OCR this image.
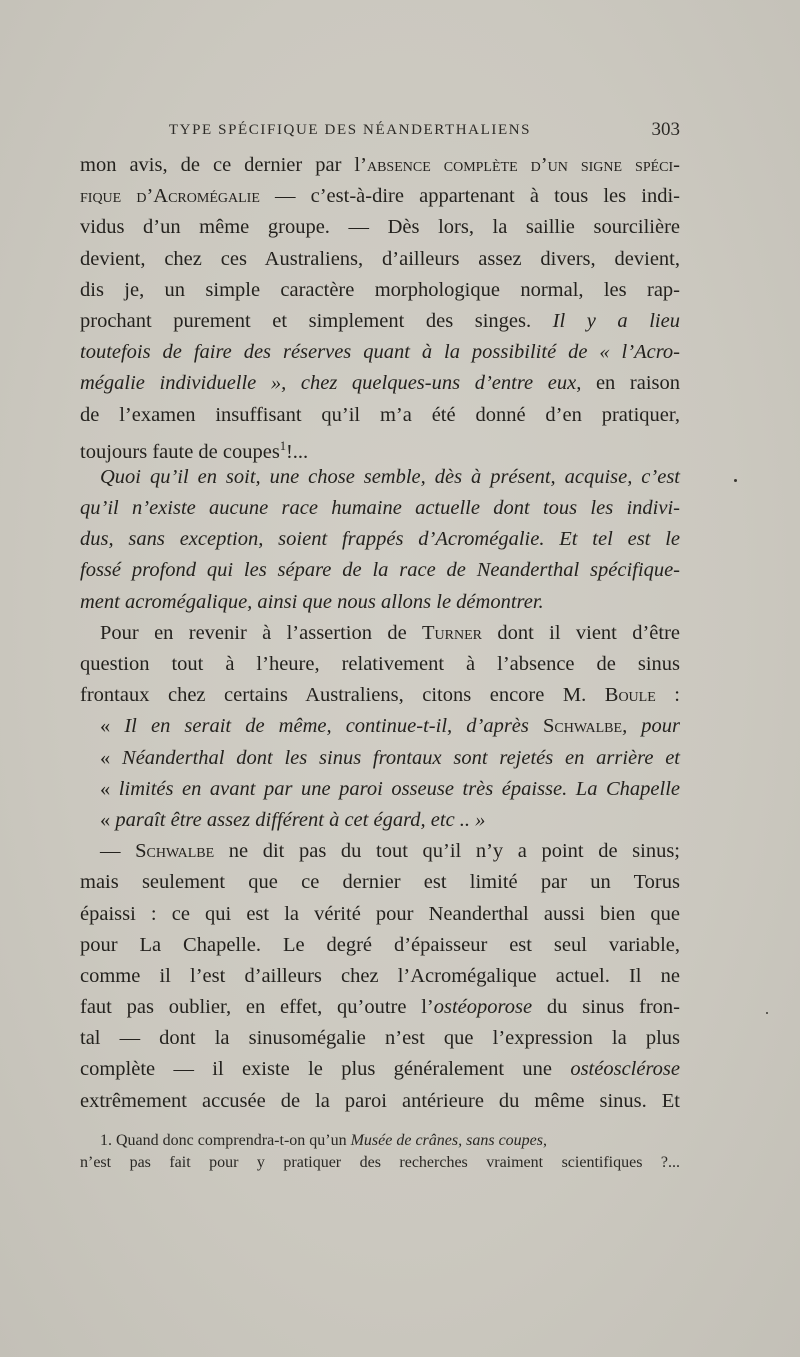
TYPE SPÉCIFIQUE DES NÉANDERTHALIENS	303
mon avis, de ce dernier par l’absence complète d’un signe spéci-
fique d’Acromégalie — c’est-à-dire appartenant à tous les indi-
vidus d’un même groupe. — Dès lors, la saillie sourcilière
devient, chez ces Australiens, d’ailleurs assez divers, devient,
dis je, un simple caractère morphologique normal, les rap-
prochant purement et simplement des singes. Il y a lieu
toutefois de faire des réserves quant à la possibilité de « l’Acro-
mégalie individuelle », chez quelques-uns d’entre eux, en raison
de l’examen insuffisant qu’il m’a été donné d’en pratiquer,
toujours faute de coupes$^1$!...
Quoi qu’il en soit, une chose semble, dès à présent, acquise, c’est
qu’il n’existe aucune race humaine actuelle dont tous les indivi-
dus, sans exception, soient frappés d’Acromégalie. Et tel est le
fossé profond qui les sépare de la race de Neanderthal spécifique-
ment acromégalique, ainsi que nous allons le démontrer.
Pour en revenir à l’assertion de Turner dont il vient d’être
question tout à l’heure, relativement à l’absence de sinus
frontaux chez certains Australiens, citons encore M. Boule :
« Il en serait de même, continue-t-il, d’après Schwalbe, pour
« Néanderthal dont les sinus frontaux sont rejetés en arrière et
« limités en avant par une paroi osseuse très épaisse. La Chapelle
« paraît être assez différent à cet égard, etc .. »
— Schwalbe ne dit pas du tout qu’il n’y a point de sinus;
mais seulement que ce dernier est limité par un Torus
épaissi : ce qui est la vérité pour Neanderthal aussi bien que
pour La Chapelle. Le degré d’épaisseur est seul variable,
comme il l’est d’ailleurs chez l’Acromégalique actuel. Il ne
faut pas oublier, en effet, qu’outre l’ostéoporose du sinus fron-
tal — dont la sinusomégalie n’est que l’expression la plus
complète — il existe le plus généralement une ostéosclérose
extrêmement accusée de la paroi antérieure du même sinus. Et
1. Quand donc comprendra-t-on qu’un Musée de crânes, sans coupes,
n’est pas fait pour y pratiquer des recherches vraiment scientifiques ?...
